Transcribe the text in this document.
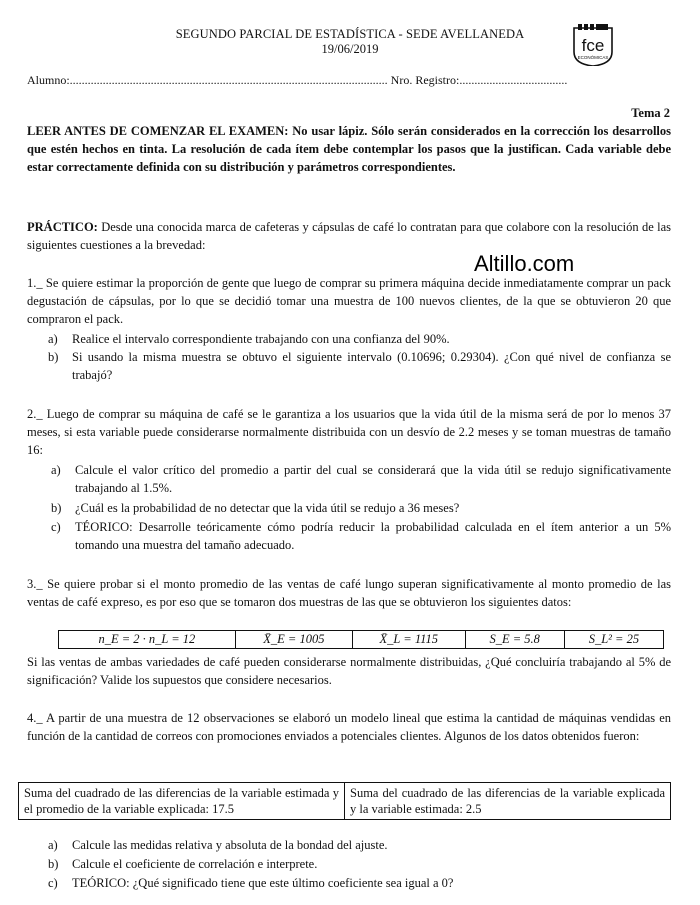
SEGUNDO PARCIAL DE ESTADÍSTICA - SEDE AVELLANEDA
19/06/2019	fce
ECONÓMICAS
Alumno:.......................................................................................................... Nro. Registro:....................................
Tema 2
LEER ANTES DE COMENZAR EL EXAMEN: No usar lápiz. Sólo serán considerados en la corrección los desarrollos que estén hechos en tinta. La resolución de cada ítem debe contemplar los pasos que la justifican. Cada variable debe estar correctamente definida con su distribución y parámetros correspondientes.
PRÁCTICO: Desde una conocida marca de cafeteras y cápsulas de café lo contratan para que colabore con la resolución de las siguientes cuestiones a la brevedad:
Altillo.com
1._ Se quiere estimar la proporción de gente que luego de comprar su primera máquina decide inmediatamente comprar un pack degustación de cápsulas, por lo que se decidió tomar una muestra de 100 nuevos clientes, de la que se obtuvieron 20 que compraron el pack.
a) Realice el intervalo correspondiente trabajando con una confianza del 90%.
b) Si usando la misma muestra se obtuvo el siguiente intervalo (0.10696; 0.29304). ¿Con qué nivel de confianza se trabajó?
2._ Luego de comprar su máquina de café se le garantiza a los usuarios que la vida útil de la misma será de por lo menos 37 meses, si esta variable puede considerarse normalmente distribuida con un desvío de 2.2 meses y se toman muestras de tamaño 16:
a) Calcule el valor crítico del promedio a partir del cual se considerará que la vida útil se redujo significativamente trabajando al 1.5%.
b) ¿Cuál es la probabilidad de no detectar que la vida útil se redujo a 36 meses?
c) TÉORICO: Desarrolle teóricamente cómo podría reducir la probabilidad calculada en el ítem anterior a un 5% tomando una muestra del tamaño adecuado.
3._ Se quiere probar si el monto promedio de las ventas de café lungo superan significativamente al monto promedio de las ventas de café expreso, es por eso que se tomaron dos muestras de las que se obtuvieron los siguientes datos:
n_E = 2 · n_L = 12	X̄_E = 1005	X̄_L = 1115	S_E = 5.8	S_L² = 25
Si las ventas de ambas variedades de café pueden considerarse normalmente distribuidas, ¿Qué concluiría trabajando al 5% de significación? Valide los supuestos que considere necesarios.
4._ A partir de una muestra de 12 observaciones se elaboró un modelo lineal que estima la cantidad de máquinas vendidas en función de la cantidad de correos con promociones enviados a potenciales clientes. Algunos de los datos obtenidos fueron:
Suma del cuadrado de las diferencias de la variable estimada y el promedio de la variable explicada: 17.5	Suma del cuadrado de las diferencias de la variable explicada y la variable estimada: 2.5
a) Calcule las medidas relativa y absoluta de la bondad del ajuste.
b) Calcule el coeficiente de correlación e interprete.
c) TEÓRICO: ¿Qué significado tiene que este último coeficiente sea igual a 0?
